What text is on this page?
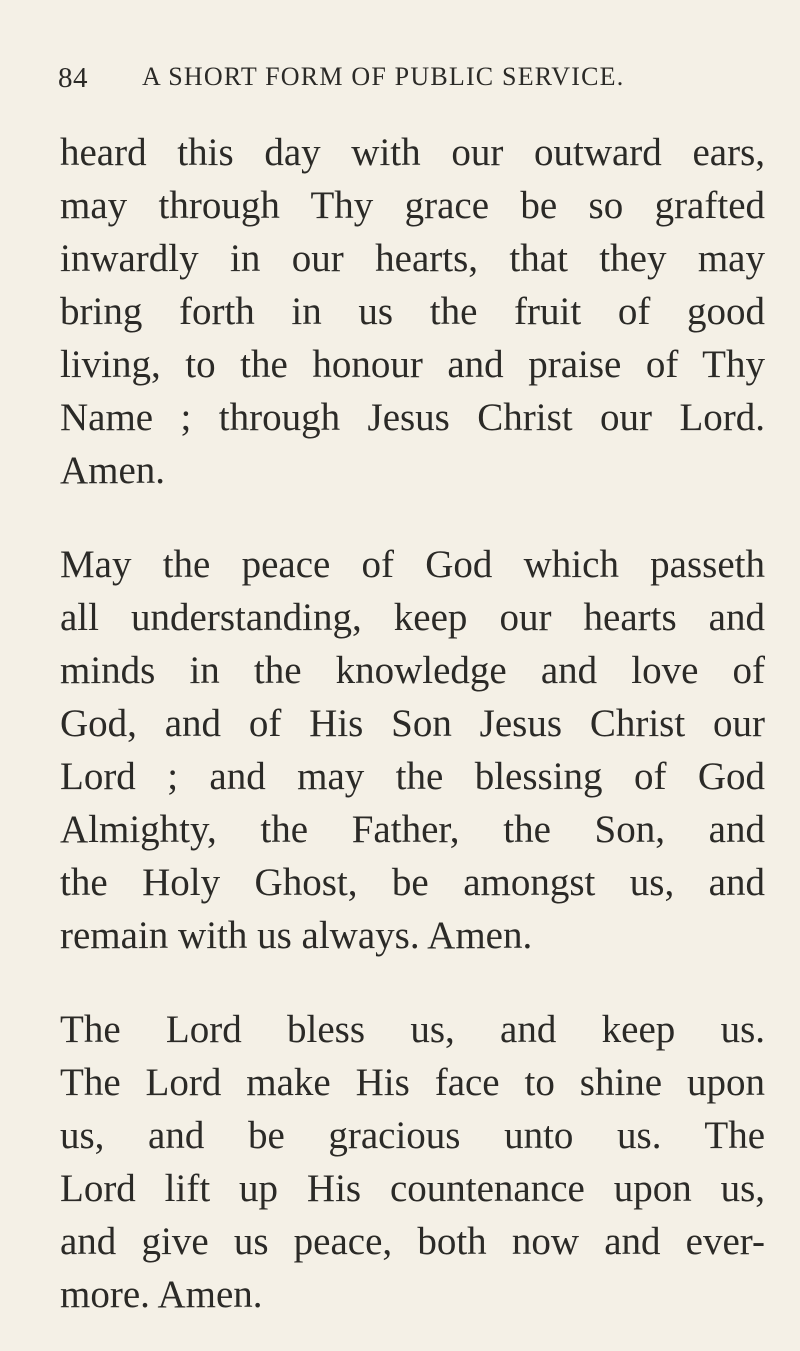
84 A SHORT FORM OF PUBLIC SERVICE.
heard this day with our outward ears,
may through Thy grace be so grafted
inwardly in our hearts, that they may
bring forth in us the fruit of good
living, to the honour and praise of Thy
Name ; through Jesus Christ our Lord.
Amen.
May the peace of God which passeth
all understanding, keep our hearts and
minds in the knowledge and love of
God, and of His Son Jesus Christ our
Lord ; and may the blessing of God
Almighty, the Father, the Son, and
the Holy Ghost, be amongst us, and
remain with us always. Amen.
The Lord bless us, and keep us.
The Lord make His face to shine upon
us, and be gracious unto us. The
Lord lift up His countenance upon us,
and give us peace, both now and ever-
more. Amen.
